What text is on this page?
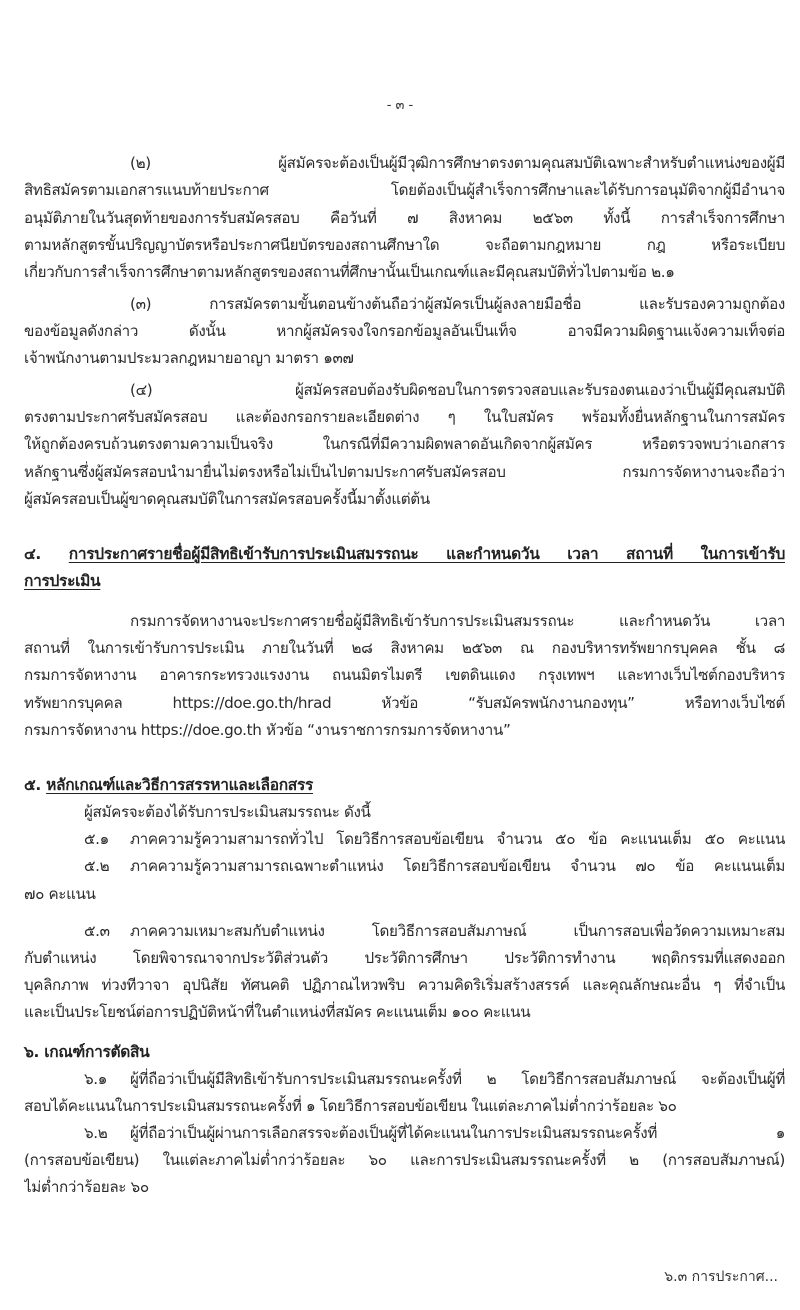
- ๓ -
(๒) ผู้สมัครจะต้องเป็นผู้มีวุฒิการศึกษาตรงตามคุณสมบัติเฉพาะสำหรับตำแหน่งของผู้มี
สิทธิสมัครตามเอกสารแนบท้ายประกาศ โดยต้องเป็นผู้สำเร็จการศึกษาและได้รับการอนุมัติจากผู้มีอำนาจ
อนุมัติภายในวันสุดท้ายของการรับสมัครสอบ คือวันที่ ๗ สิงหาคม ๒๕๖๓ ทั้งนี้ การสำเร็จการศึกษา
ตามหลักสูตรขั้นปริญญาบัตรหรือประกาศนียบัตรของสถานศึกษาใด จะถือตามกฎหมาย กฎ หรือระเบียบ
เกี่ยวกับการสำเร็จการศึกษาตามหลักสูตรของสถานที่ศึกษานั้นเป็นเกณฑ์และมีคุณสมบัติทั่วไปตามข้อ ๒.๑
(๓) การสมัครตามขั้นตอนข้างต้นถือว่าผู้สมัครเป็นผู้ลงลายมือชื่อ และรับรองความถูกต้อง
ของข้อมูลดังกล่าว ดังนั้น หากผู้สมัครจงใจกรอกข้อมูลอันเป็นเท็จ อาจมีความผิดฐานแจ้งความเท็จต่อ
เจ้าพนักงานตามประมวลกฎหมายอาญา มาตรา ๑๓๗
(๔) ผู้สมัครสอบต้องรับผิดชอบในการตรวจสอบและรับรองตนเองว่าเป็นผู้มีคุณสมบัติ
ตรงตามประกาศรับสมัครสอบ และต้องกรอกรายละเอียดต่าง ๆ ในใบสมัคร พร้อมทั้งยื่นหลักฐานในการสมัคร
ให้ถูกต้องครบถ้วนตรงตามความเป็นจริง ในกรณีที่มีความผิดพลาดอันเกิดจากผู้สมัคร หรือตรวจพบว่าเอกสาร
หลักฐานซึ่งผู้สมัครสอบนำมายื่นไม่ตรงหรือไม่เป็นไปตามประกาศรับสมัครสอบ กรมการจัดหางานจะถือว่า
ผู้สมัครสอบเป็นผู้ขาดคุณสมบัติในการสมัครสอบครั้งนี้มาตั้งแต่ต้น
๔. การประกาศรายชื่อผู้มีสิทธิเข้ารับการประเมินสมรรถนะ และกำหนดวัน เวลา สถานที่ ในการเข้ารับ
การประเมิน
กรมการจัดหางานจะประกาศรายชื่อผู้มีสิทธิเข้ารับการประเมินสมรรถนะ และกำหนดวัน เวลา
สถานที่ ในการเข้ารับการประเมิน ภายในวันที่ ๒๘ สิงหาคม ๒๕๖๓ ณ กองบริหารทรัพยากรบุคคล ชั้น ๘
กรมการจัดหางาน อาคารกระทรวงแรงงาน ถนนมิตรไมตรี เขตดินแดง กรุงเทพฯ และทางเว็บไซต์กองบริหาร
ทรัพยากรบุคคล https://doe.go.th/hrad หัวข้อ “รับสมัครพนักงานกองทุน” หรือทางเว็บไซต์
กรมการจัดหางาน https://doe.go.th หัวข้อ “งานราชการกรมการจัดหางาน”
๕. หลักเกณฑ์และวิธีการสรรหาและเลือกสรร
ผู้สมัครจะต้องได้รับการประเมินสมรรถนะ ดังนี้
๕.๑ ภาคความรู้ความสามารถทั่วไป โดยวิธีการสอบข้อเขียน จำนวน ๕๐ ข้อ คะแนนเต็ม ๕๐ คะแนน
๕.๒ ภาคความรู้ความสามารถเฉพาะตำแหน่ง โดยวิธีการสอบข้อเขียน จำนวน ๗๐ ข้อ คะแนนเต็ม
๗๐ คะแนน
๕.๓ ภาคความเหมาะสมกับตำแหน่ง โดยวิธีการสอบสัมภาษณ์ เป็นการสอบเพื่อวัดความเหมาะสม
กับตำแหน่ง โดยพิจารณาจากประวัติส่วนตัว ประวัติการศึกษา ประวัติการทำงาน พฤติกรรมที่แสดงออก
บุคลิกภาพ ท่วงทีวาจา อุปนิสัย ทัศนคติ ปฏิภาณไหวพริบ ความคิดริเริ่มสร้างสรรค์ และคุณลักษณะอื่น ๆ ที่จำเป็น
และเป็นประโยชน์ต่อการปฏิบัติหน้าที่ในตำแหน่งที่สมัคร คะแนนเต็ม ๑๐๐ คะแนน
๖. เกณฑ์การตัดสิน
๖.๑ ผู้ที่ถือว่าเป็นผู้มีสิทธิเข้ารับการประเมินสมรรถนะครั้งที่ ๒ โดยวิธีการสอบสัมภาษณ์ จะต้องเป็นผู้ที่
สอบได้คะแนนในการประเมินสมรรถนะครั้งที่ ๑ โดยวิธีการสอบข้อเขียน ในแต่ละภาคไม่ต่ำกว่าร้อยละ ๖๐
๖.๒ ผู้ที่ถือว่าเป็นผู้ผ่านการเลือกสรรจะต้องเป็นผู้ที่ได้คะแนนในการประเมินสมรรถนะครั้งที่ ๑
(การสอบข้อเขียน) ในแต่ละภาคไม่ต่ำกว่าร้อยละ ๖๐ และการประเมินสมรรถนะครั้งที่ ๒ (การสอบสัมภาษณ์)
ไม่ต่ำกว่าร้อยละ ๖๐
๖.๓ การประกาศ...
